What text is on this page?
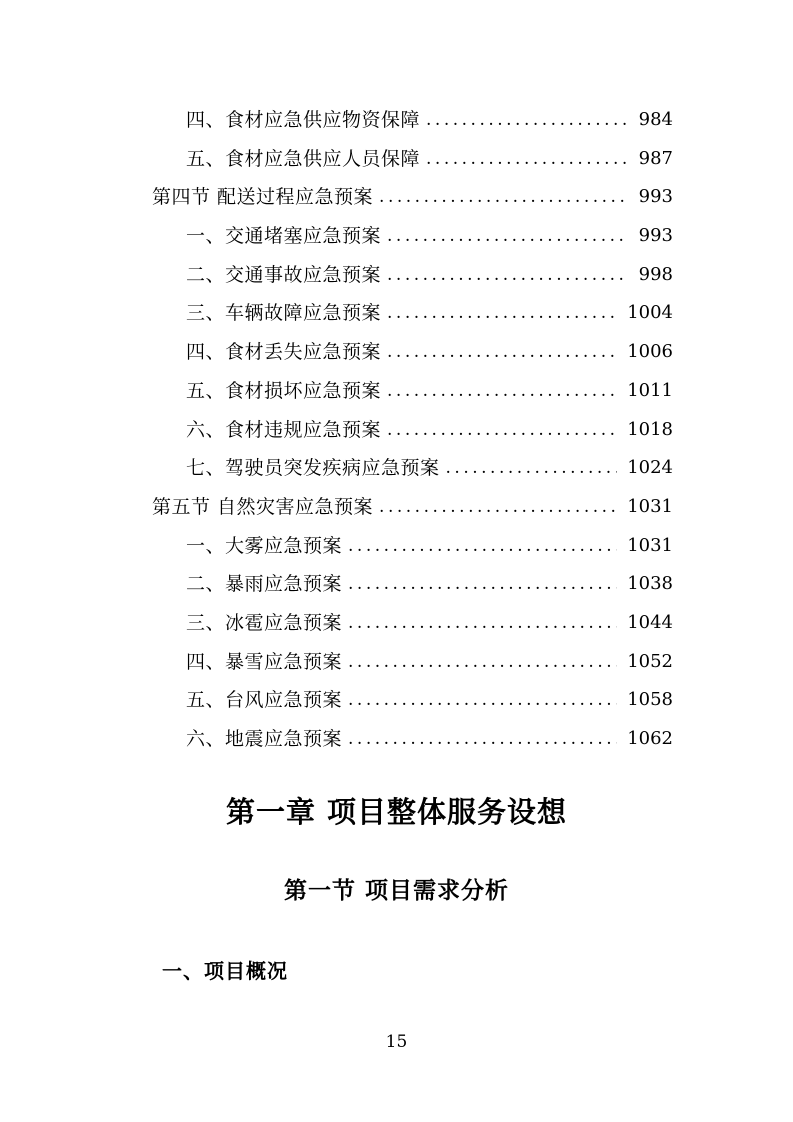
四、食材应急供应物资保障 .....	984
五、食材应急供应人员保障 .....	987
第四节 配送过程应急预案 .....	993
一、交通堵塞应急预案 .....	993
二、交通事故应急预案 .....	998
三、车辆故障应急预案 .....	1004
四、食材丢失应急预案 .....	1006
五、食材损坏应急预案 .....	1011
六、食材违规应急预案 .....	1018
七、驾驶员突发疾病应急预案 .....	1024
第五节 自然灾害应急预案 .....	1031
一、大雾应急预案 .....	1031
二、暴雨应急预案 .....	1038
三、冰雹应急预案 .....	1044
四、暴雪应急预案 .....	1052
五、台风应急预案 .....	1058
六、地震应急预案 .....	1062
第一章 项目整体服务设想
第一节 项目需求分析
一、项目概况
15
